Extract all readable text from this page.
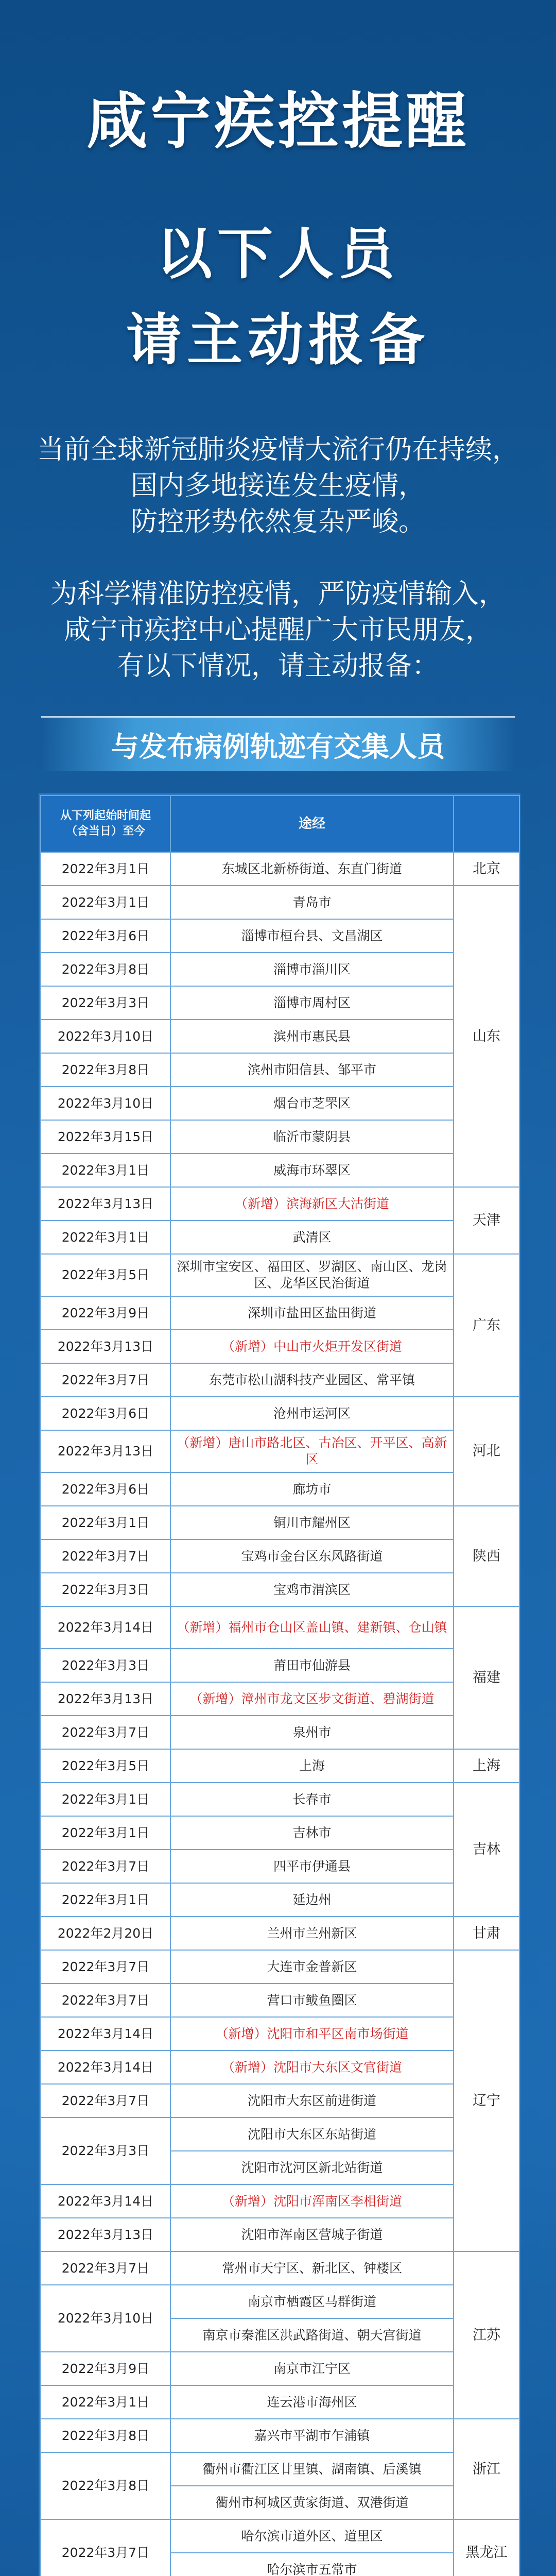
咸宁疾控提醒
以下人员
请主动报备
当前全球新冠肺炎疫情大流行仍在持续，
国内多地接连发生疫情，
防控形势依然复杂严峻。
为科学精准防控疫情，严防疫情输入，
咸宁市疾控中心提醒广大市民朋友，
有以下情况，请主动报备：
与发布病例轨迹有交集人员
从下列起始时间起
（含当日）至今	途经	
2022年3月1日	东城区北新桥街道、东直门街道	北京
2022年3月1日	青岛市	山东
2022年3月6日	淄博市桓台县、文昌湖区	
2022年3月8日	淄博市淄川区	
2022年3月3日	淄博市周村区	
2022年3月10日	滨州市惠民县	
2022年3月8日	滨州市阳信县、邹平市	
2022年3月10日	烟台市芝罘区	
2022年3月15日	临沂市蒙阴县	
2022年3月1日	威海市环翠区	
2022年3月13日	（新增）滨海新区大沽街道	天津
2022年3月1日	武清区	
2022年3月5日	深圳市宝安区、福田区、罗湖区、南山区、龙岗区、龙华区民治街道	广东
2022年3月9日	深圳市盐田区盐田街道	
2022年3月13日	（新增）中山市火炬开发区街道	
2022年3月7日	东莞市松山湖科技产业园区、常平镇	
2022年3月6日	沧州市运河区	河北
2022年3月13日	（新增）唐山市路北区、古冶区、开平区、高新区	
2022年3月6日	廊坊市	
2022年3月1日	铜川市耀州区	陕西
2022年3月7日	宝鸡市金台区东风路街道	
2022年3月3日	宝鸡市渭滨区	
2022年3月14日	（新增）福州市仓山区盖山镇、建新镇、仓山镇	福建
2022年3月3日	莆田市仙游县	
2022年3月13日	（新增）漳州市龙文区步文街道、碧湖街道	
2022年3月7日	泉州市	
2022年3月5日	上海	上海
2022年3月1日	长春市	吉林
2022年3月1日	吉林市	
2022年3月7日	四平市伊通县	
2022年3月1日	延边州	
2022年2月20日	兰州市兰州新区	甘肃
2022年3月7日	大连市金普新区	辽宁
2022年3月7日	营口市鲅鱼圈区	
2022年3月14日	（新增）沈阳市和平区南市场街道	
2022年3月14日	（新增）沈阳市大东区文官街道	
2022年3月7日	沈阳市大东区前进街道	
2022年3月3日	沈阳市大东区东站街道	
	沈阳市沈河区新北站街道	
2022年3月14日	（新增）沈阳市浑南区李相街道	
2022年3月13日	沈阳市浑南区营城子街道	
2022年3月7日	常州市天宁区、新北区、钟楼区	江苏
2022年3月10日	南京市栖霞区马群街道	
	南京市秦淮区洪武路街道、朝天宫街道	
2022年3月9日	南京市江宁区	
2022年3月1日	连云港市海州区	
2022年3月8日	嘉兴市平湖市乍浦镇	浙江
2022年3月8日	衢州市衢江区廿里镇、湖南镇、后溪镇	
	衢州市柯城区黄家街道、双港街道	
2022年3月7日	哈尔滨市道外区、道里区	黑龙江
	哈尔滨市五常市	
